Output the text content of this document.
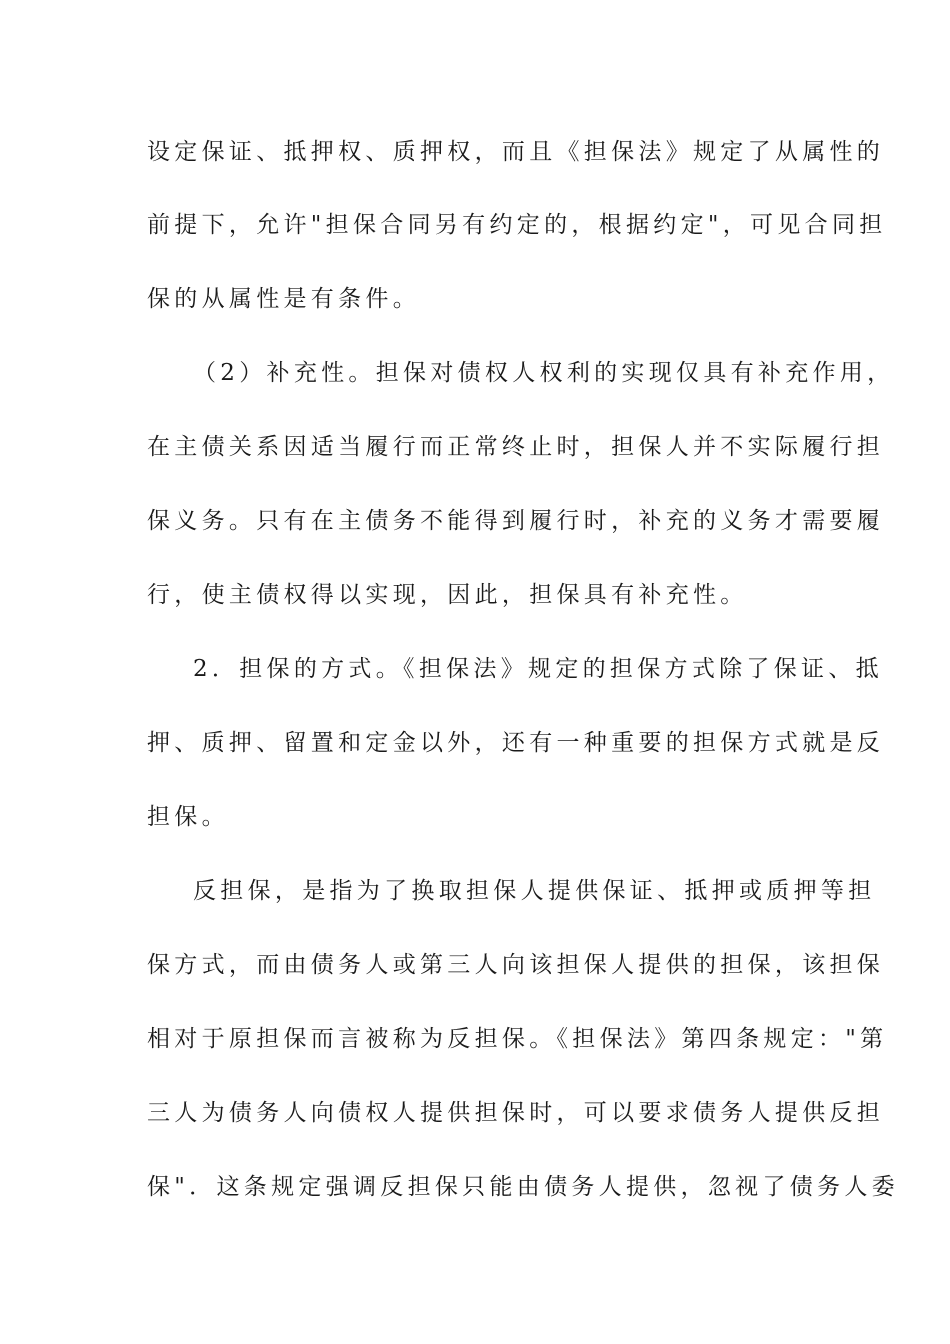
设定保证、抵押权、质押权，而且《担保法》规定了从属性的
前提下，允许"担保合同另有约定的，根据约定"，可见合同担
保的从属性是有条件。
（2）补充性。担保对债权人权利的实现仅具有补充作用，
在主债关系因适当履行而正常终止时，担保人并不实际履行担
保义务。只有在主债务不能得到履行时，补充的义务才需要履
行，使主债权得以实现，因此，担保具有补充性。
2．担保的方式。《担保法》规定的担保方式除了保证、抵
押、质押、留置和定金以外，还有一种重要的担保方式就是反
担保。
反担保，是指为了换取担保人提供保证、抵押或质押等担
保方式，而由债务人或第三人向该担保人提供的担保，该担保
相对于原担保而言被称为反担保。《担保法》第四条规定："第
三人为债务人向债权人提供担保时，可以要求债务人提供反担
保"．这条规定强调反担保只能由债务人提供，忽视了债务人委
